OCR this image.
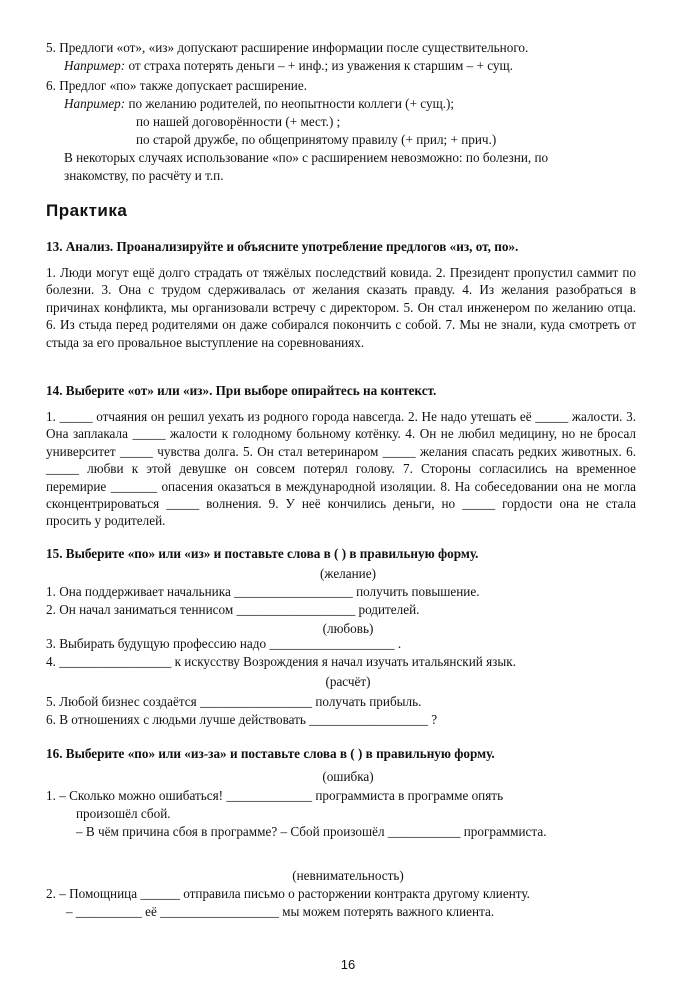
5. Предлоги «от», «из» допускают расширение информации после существительного.
Например: от страха потерять деньги – + инф.; из уважения к старшим – + сущ.
6. Предлог «по» также допускает расширение.
Например: по желанию родителей, по неопытности коллеги (+ сущ.);
по нашей договорённости (+ мест.) ;
по старой дружбе, по общепринятому правилу (+ прил; + прич.)
В некоторых случаях использование «по» с расширением невозможно: по болезни, по
знакомству, по расчёту и т.п.
Практика
13. Анализ. Проанализируйте и объясните употребление предлогов «из, от, по».
1. Люди могут ещё долго страдать от тяжёлых последствий ковида. 2. Президент пропустил саммит по болезни. 3. Она с трудом сдерживалась от желания сказать правду. 4. Из желания разобраться в причинах конфликта, мы организовали встречу с директором. 5. Он стал инженером по желанию отца. 6. Из стыда перед родителями он даже собирался покончить с собой. 7. Мы не знали, куда смотреть от стыда за его провальное выступление на соревнованиях.
14. Выберите «от» или «из». При выборе опирайтесь на контекст.
1. _____ отчаяния он решил уехать из родного города навсегда. 2. Не надо утешать её _____ жалости. 3. Она заплакала _____ жалости к голодному больному котёнку. 4. Он не любил медицину, но не бросал университет _____ чувства долга. 5. Он стал ветеринаром _____ желания спасать редких животных. 6. _____ любви к этой девушке он совсем потерял голову. 7. Стороны согласились на временное перемирие _______ опасения оказаться в международной изоляции. 8. На собеседовании она не могла сконцентрироваться _____ волнения. 9. У неё кончились деньги, но _____ гордости она не стала просить у родителей.
15. Выберите «по» или «из» и поставьте слова в ( ) в правильную форму.
(желание)
1. Она поддерживает начальника __________________ получить повышение.
2. Он начал заниматься теннисом __________________ родителей.
(любовь)
3. Выбирать будущую профессию надо ___________________ .
4. _________________ к искусству Возрождения я начал изучать итальянский язык.
(расчёт)
5. Любой бизнес создаётся _________________ получать прибыль.
6. В отношениях с людьми лучше действовать __________________ ?
16. Выберите «по» или «из-за» и поставьте слова в ( ) в правильную форму.
(ошибка)
1. – Сколько можно ошибаться! _____________ программиста в программе опять
произошёл сбой.
– В чём причина сбоя в программе? – Сбой произошёл ___________ программиста.
(невнимательность)
2. – Помощница ______ отправила письмо о расторжении контракта другому клиенту.
– __________ её __________________ мы можем потерять важного клиента.
16
